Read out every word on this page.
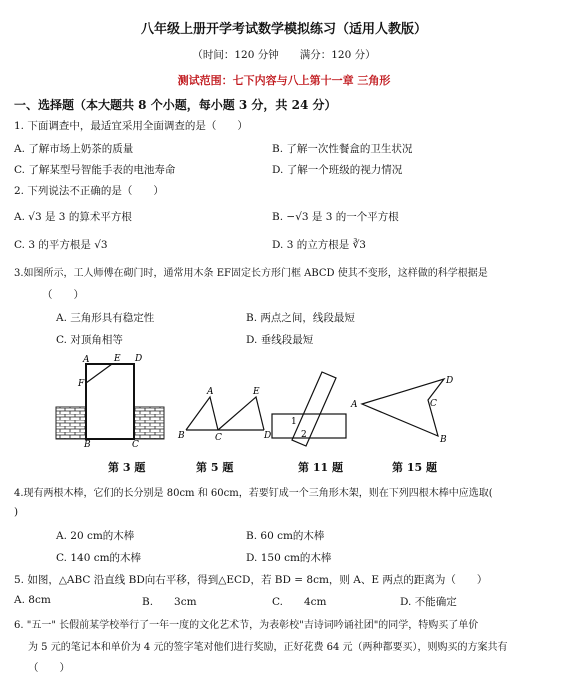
八年级上册开学考试数学模拟练习（适用人教版）
（时间：120 分钟　　满分：120 分）
测试范围：七下内容与八上第十一章 三角形
一、选择题（本大题共 8 个小题，每小题 3 分，共 24 分）
1. 下面调查中，最适宜采用全面调查的是（　　）
A. 了解市场上奶茶的质量	B. 了解一次性餐盒的卫生状况
C. 了解某型号智能手表的电池寿命	D. 了解一个班级的视力情况
2. 下列说法不正确的是（　　）
A. √3 是 3 的算术平方根	B. −√3 是 3 的一个平方根
C. 3 的平方根是 √3	D. 3 的立方根是 ∛3
3.如图所示，工人师傅在砌门时，通常用木条 EF固定长方形门框 ABCD 使其不变形，这样做的科学根据是
（　　）
A. 三角形具有稳定性	B. 两点之间，线段最短
C. 对顶角相等	D. 垂线段最短
A	E D
F
B	C
A	E
B	C	D
1
2
A
D
C
B
第 3 题	第 5 题	第 11 题	第 15 题
4.现有两根木棒，它们的长分别是 80cm 和 60cm，若要钉成一个三角形木架，则在下列四根木棒中应选取(
)
A. 20 cm的木棒	B. 60 cm的木棒
C. 140 cm的木棒	D. 150 cm的木棒
5. 如图，△ABC 沿直线 BD向右平移，得到△ECD，若 BD = 8cm，则 A、E 两点的距离为（　　）
A. 8cm	B.　　3cm	C.　　4cm	D. 不能确定
6. "五一" 长假前某学校举行了一年一度的文化艺术节，为表彰校"吉诗词吟诵社团"的同学，特购买了单价
为 5 元的笔记本和单价为 4 元的签字笔对他们进行奖励，正好花费 64 元（两种都要买），则购买的方案共有
（　　）
